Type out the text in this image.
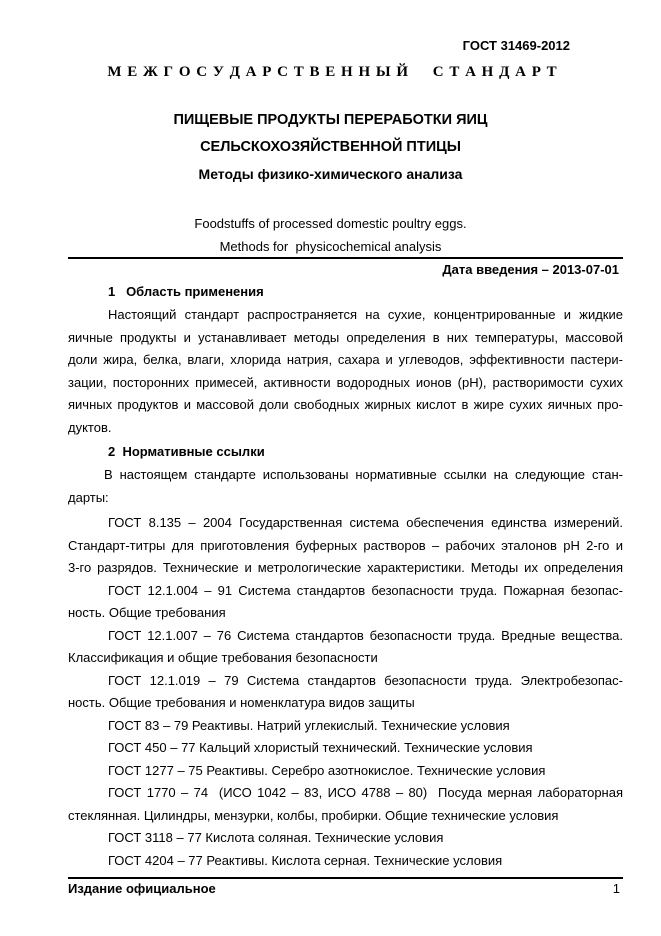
ГОСТ 31469-2012
М Е Ж Г О С У Д А Р С Т В Е Н Н Ы Й     С Т А Н Д А Р Т
ПИЩЕВЫЕ ПРОДУКТЫ ПЕРЕРАБОТКИ ЯИЦ
СЕЛЬСКОХОЗЯЙСТВЕННОЙ ПТИЦЫ
Методы физико-химического анализа
Foodstuffs of processed domestic poultry eggs.
Methods for  physicochemical analysis
Дата введения – 2013-07-01
1   Область применения
Настоящий стандарт распространяется на сухие, концентрированные и жидкие
яичные продукты и устанавливает методы определения в них температуры, массовой
доли жира, белка, влаги, хлорида натрия, сахара и углеводов, эффективности пастери-
зации, посторонних примесей, активности водородных ионов (рН), растворимости сухих
яичных продуктов и массовой доли свободных жирных кислот в жире сухих яичных про-
дуктов.
2  Нормативные ссылки
В настоящем стандарте использованы нормативные ссылки на следующие стан-
дарты:
ГОСТ 8.135 – 2004 Государственная система обеспечения единства измерений.
Стандарт-титры для приготовления буферных растворов – рабочих эталонов рН 2-го и
3-го разрядов. Технические и метрологические характеристики. Методы их определения
ГОСТ 12.1.004 – 91 Система стандартов безопасности труда. Пожарная безопас-
ность. Общие требования
ГОСТ 12.1.007 – 76 Система стандартов безопасности труда. Вредные вещества.
Классификация и общие требования безопасности
ГОСТ 12.1.019 – 79 Система стандартов безопасности труда. Электробезопас-
ность. Общие требования и номенклатура видов защиты
ГОСТ 83 – 79 Реактивы. Натрий углекислый. Технические условия
ГОСТ 450 – 77 Кальций хлористый технический. Технические условия
ГОСТ 1277 – 75 Реактивы. Серебро азотнокислое. Технические условия
ГОСТ 1770 – 74  (ИСО 1042 – 83, ИСО 4788 – 80)  Посуда мерная лабораторная
стеклянная. Цилиндры, мензурки, колбы, пробирки. Общие технические условия
ГОСТ 3118 – 77 Кислота соляная. Технические условия
ГОСТ 4204 – 77 Реактивы. Кислота серная. Технические условия
Издание официальное	1
